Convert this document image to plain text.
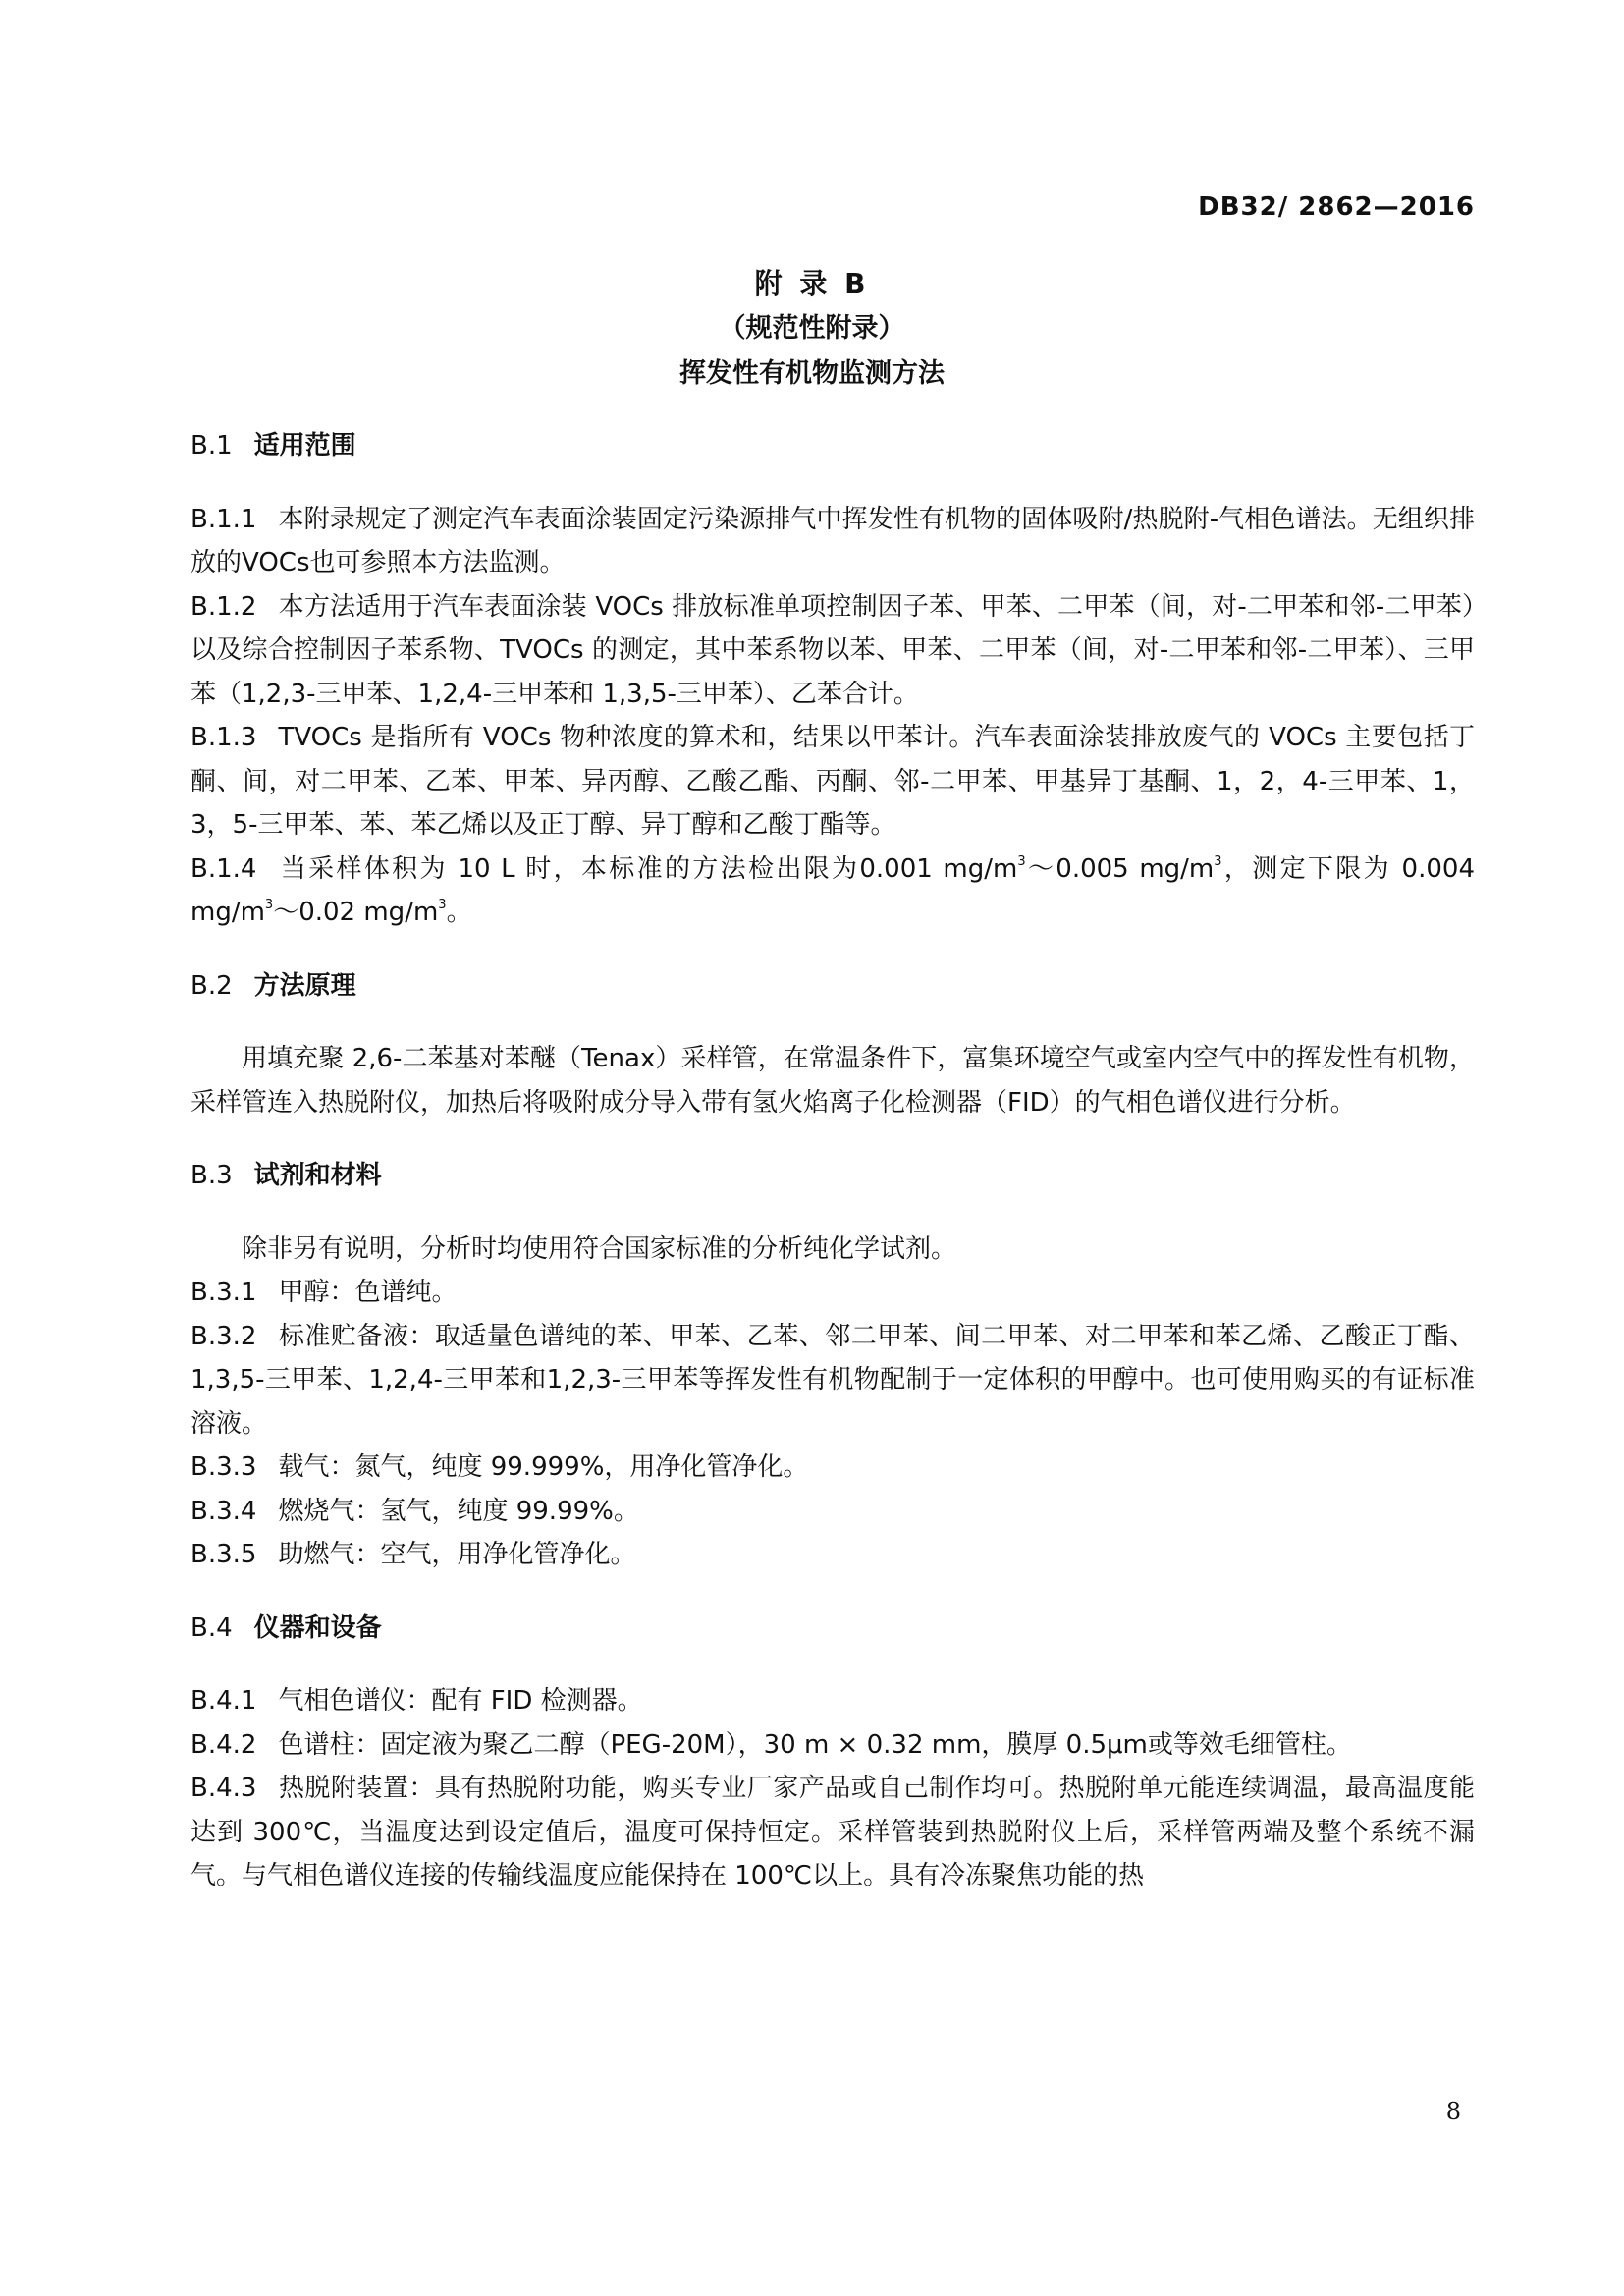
DB32/ 2862—2016
附 录 B
（规范性附录）
挥发性有机物监测方法

B.1 适用范围

B.1.1 本附录规定了测定汽车表面涂装固定污染源排气中挥发性有机物的固体吸附/热脱附-气相色谱法。无组织排放的VOCs也可参照本方法监测。

B.1.2 本方法适用于汽车表面涂装 VOCs 排放标准单项控制因子苯、甲苯、二甲苯（间，对-二甲苯和邻-二甲苯）以及综合控制因子苯系物、TVOCs 的测定，其中苯系物以苯、甲苯、二甲苯（间，对-二甲苯和邻-二甲苯）、三甲苯（1,2,3-三甲苯、1,2,4-三甲苯和 1,3,5-三甲苯）、乙苯合计。

B.1.3 TVOCs 是指所有 VOCs 物种浓度的算术和，结果以甲苯计。汽车表面涂装排放废气的 VOCs 主要包括丁酮、间，对二甲苯、乙苯、甲苯、异丙醇、乙酸乙酯、丙酮、邻-二甲苯、甲基异丁基酮、1，2，4-三甲苯、1，3，5-三甲苯、苯、苯乙烯以及正丁醇、异丁醇和乙酸丁酯等。

B.1.4 当采样体积为 10 L 时，本标准的方法检出限为0.001 $mg/m^3\sim 0.005$ $mg/m^3$，测定下限为 0.004 $mg/m^3\sim 0.02$ $mg/m^3$。

B.2 方法原理

用填充聚 2,6-二苯基对苯醚（Tenax）采样管，在常温条件下，富集环境空气或室内空气中的挥发性有机物，采样管连入热脱附仪，加热后将吸附成分导入带有氢火焰离子化检测器（FID）的气相色谱仪进行分析。

B.3 试剂和材料

除非另有说明，分析时均使用符合国家标准的分析纯化学试剂。

B.3.1 甲醇：色谱纯。

B.3.2 标准贮备液：取适量色谱纯的苯、甲苯、乙苯、邻二甲苯、间二甲苯、对二甲苯和苯乙烯、乙酸正丁酯、1,3,5-三甲苯、1,2,4-三甲苯和1,2,3-三甲苯等挥发性有机物配制于一定体积的甲醇中。也可使用购买的有证标准溶液。

B.3.3 载气：氮气，纯度 99.999%，用净化管净化。

B.3.4 燃烧气：氢气，纯度 99.99%。

B.3.5 助燃气：空气，用净化管净化。

B.4 仪器和设备

B.4.1 气相色谱仪：配有 FID 检测器。

B.4.2 色谱柱：固定液为聚乙二醇（PEG-20M），30 m × 0.32 mm，膜厚 0.5μm或等效毛细管柱。

B.4.3 热脱附装置：具有热脱附功能，购买专业厂家产品或自己制作均可。热脱附单元能连续调温，最高温度能达到 300℃，当温度达到设定值后，温度可保持恒定。采样管装到热脱附仪上后，采样管两端及整个系统不漏气。与气相色谱仪连接的传输线温度应能保持在 100℃以上。具有冷冻聚焦功能的热

8
